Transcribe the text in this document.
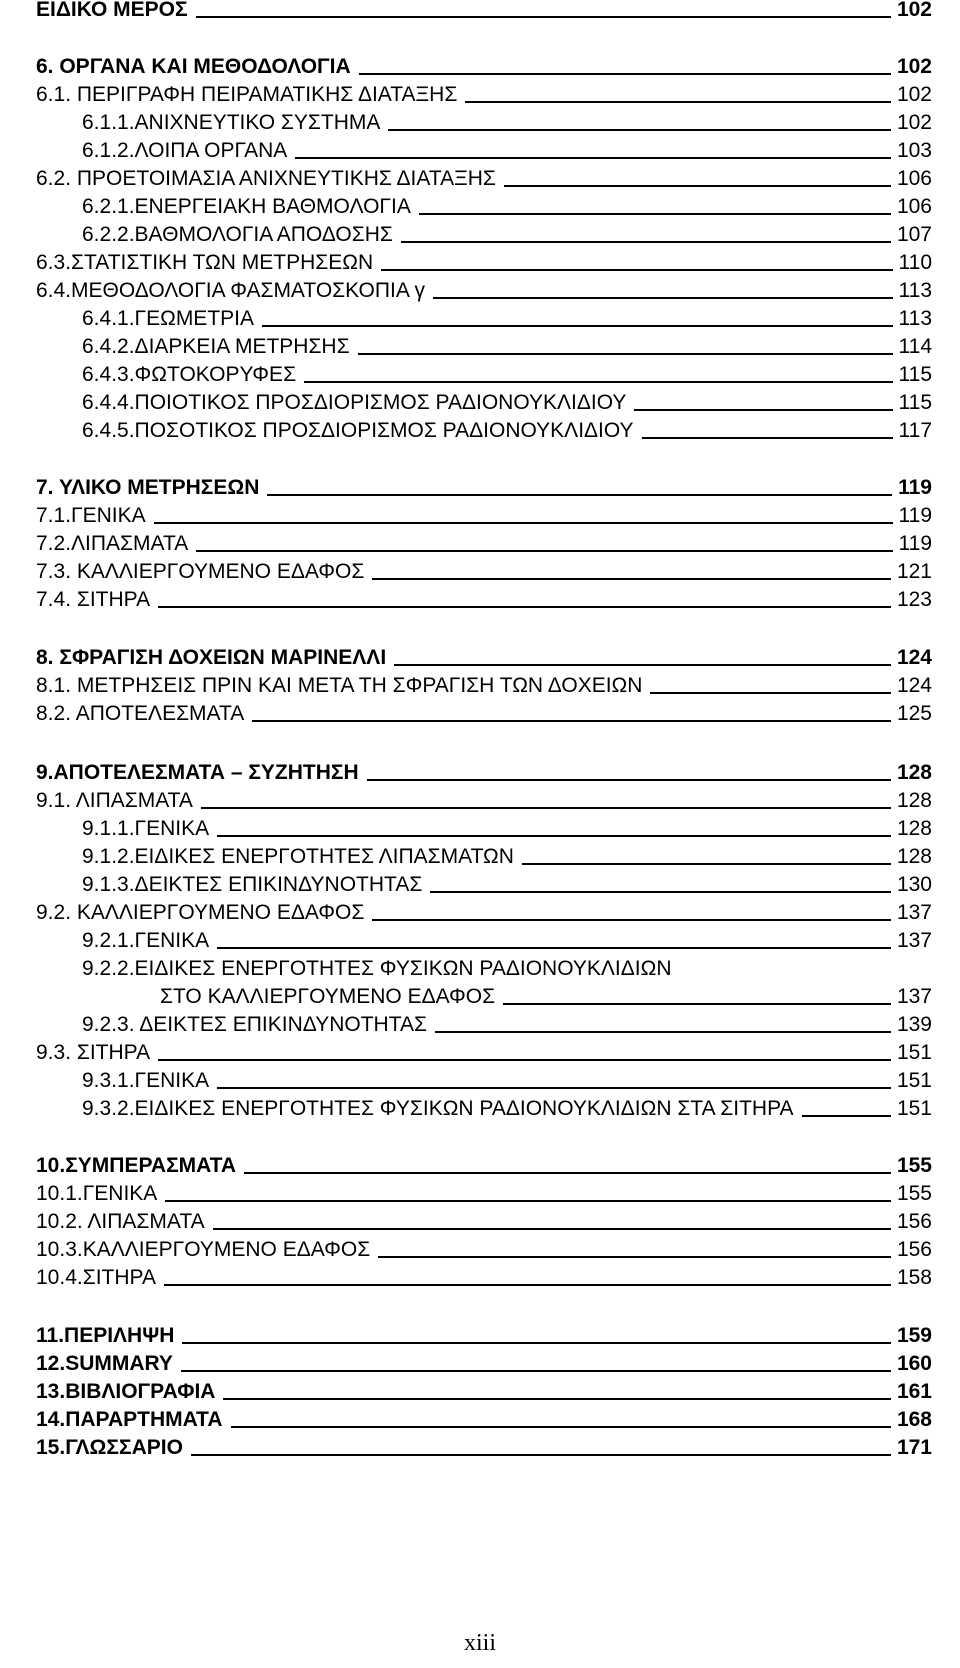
ΕΙΔΙΚΟ ΜΕΡΟΣ	102
6. ΟΡΓΑΝΑ ΚΑΙ ΜΕΘΟΔΟΛΟΓΙΑ	102
6.1. ΠΕΡΙΓΡΑΦΗ ΠΕΙΡΑΜΑΤΙΚΗΣ ΔΙΑΤΑΞΗΣ	102
6.1.1.ΑΝΙΧΝΕΥΤΙΚΟ ΣΥΣΤΗΜΑ	102
6.1.2.ΛΟΙΠΑ ΟΡΓΑΝΑ	103
6.2. ΠΡΟΕΤΟΙΜΑΣΙΑ ΑΝΙΧΝΕΥΤΙΚΗΣ ΔΙΑΤΑΞΗΣ	106
6.2.1.ΕΝΕΡΓΕΙΑΚΗ ΒΑΘΜΟΛΟΓΙΑ	106
6.2.2.ΒΑΘΜΟΛΟΓΙΑ ΑΠΟΔΟΣΗΣ	107
6.3.ΣΤΑΤΙΣΤΙΚΗ ΤΩΝ ΜΕΤΡΗΣΕΩΝ	110
6.4.ΜΕΘΟΔΟΛΟΓΙΑ ΦΑΣΜΑΤΟΣΚΟΠΙΑ γ	113
6.4.1.ΓΕΩΜΕΤΡΙΑ	113
6.4.2.ΔΙΑΡΚΕΙΑ ΜΕΤΡΗΣΗΣ	114
6.4.3.ΦΩΤΟΚΟΡΥΦΕΣ	115
6.4.4.ΠΟΙΟΤΙΚΟΣ ΠΡΟΣΔΙΟΡΙΣΜΟΣ ΡΑΔΙΟΝΟΥΚΛΙΔΙΟΥ	115
6.4.5.ΠΟΣΟΤΙΚΟΣ ΠΡΟΣΔΙΟΡΙΣΜΟΣ ΡΑΔΙΟΝΟΥΚΛΙΔΙΟΥ	117
7. ΥΛΙΚΟ ΜΕΤΡΗΣΕΩΝ	119
7.1.ΓΕΝΙΚΑ	119
7.2.ΛΙΠΑΣΜΑΤΑ	119
7.3. ΚΑΛΛΙΕΡΓΟΥΜΕΝΟ ΕΔΑΦΟΣ	121
7.4. ΣΙΤΗΡΑ	123
8. ΣΦΡΑΓΙΣΗ ΔΟΧΕΙΩΝ ΜΑΡΙΝΕΛΛΙ	124
8.1. ΜΕΤΡΗΣΕΙΣ ΠΡΙΝ ΚΑΙ ΜΕΤΑ ΤΗ ΣΦΡΑΓΙΣΗ ΤΩΝ ΔΟΧΕΙΩΝ	124
8.2. ΑΠΟΤΕΛΕΣΜΑΤΑ	125
9.ΑΠΟΤΕΛΕΣΜΑΤΑ – ΣΥΖΗΤΗΣΗ	128
9.1. ΛΙΠΑΣΜΑΤΑ	128
9.1.1.ΓΕΝΙΚΑ	128
9.1.2.ΕΙΔΙΚΕΣ ΕΝΕΡΓΟΤΗΤΕΣ ΛΙΠΑΣΜΑΤΩΝ	128
9.1.3.ΔΕΙΚΤΕΣ ΕΠΙΚΙΝΔΥΝΟΤΗΤΑΣ	130
9.2. ΚΑΛΛΙΕΡΓΟΥΜΕΝΟ ΕΔΑΦΟΣ	137
9.2.1.ΓΕΝΙΚΑ	137
9.2.2.ΕΙΔΙΚΕΣ ΕΝΕΡΓΟΤΗΤΕΣ ΦΥΣΙΚΩΝ ΡΑΔΙΟΝΟΥΚΛΙΔΙΩΝ
ΣΤΟ ΚΑΛΛΙΕΡΓΟΥΜΕΝΟ ΕΔΑΦΟΣ	137
9.2.3. ΔΕΙΚΤΕΣ ΕΠΙΚΙΝΔΥΝΟΤΗΤΑΣ	139
9.3. ΣΙΤΗΡΑ	151
9.3.1.ΓΕΝΙΚΑ	151
9.3.2.ΕΙΔΙΚΕΣ ΕΝΕΡΓΟΤΗΤΕΣ ΦΥΣΙΚΩΝ ΡΑΔΙΟΝΟΥΚΛΙΔΙΩΝ ΣΤΑ ΣΙΤΗΡΑ	151
10.ΣΥΜΠΕΡΑΣΜΑΤΑ	155
10.1.ΓΕΝΙΚΑ	155
10.2. ΛΙΠΑΣΜΑΤΑ	156
10.3.ΚΑΛΛΙΕΡΓΟΥΜΕΝΟ ΕΔΑΦΟΣ	156
10.4.ΣΙΤΗΡΑ	158
11.ΠΕΡΙΛΗΨΗ	159
12.SUMMARY	160
13.ΒΙΒΛΙΟΓΡΑΦΙΑ	161
14.ΠΑΡΑΡΤΗΜΑΤΑ	168
15.ΓΛΩΣΣΑΡΙΟ	171
xiii
